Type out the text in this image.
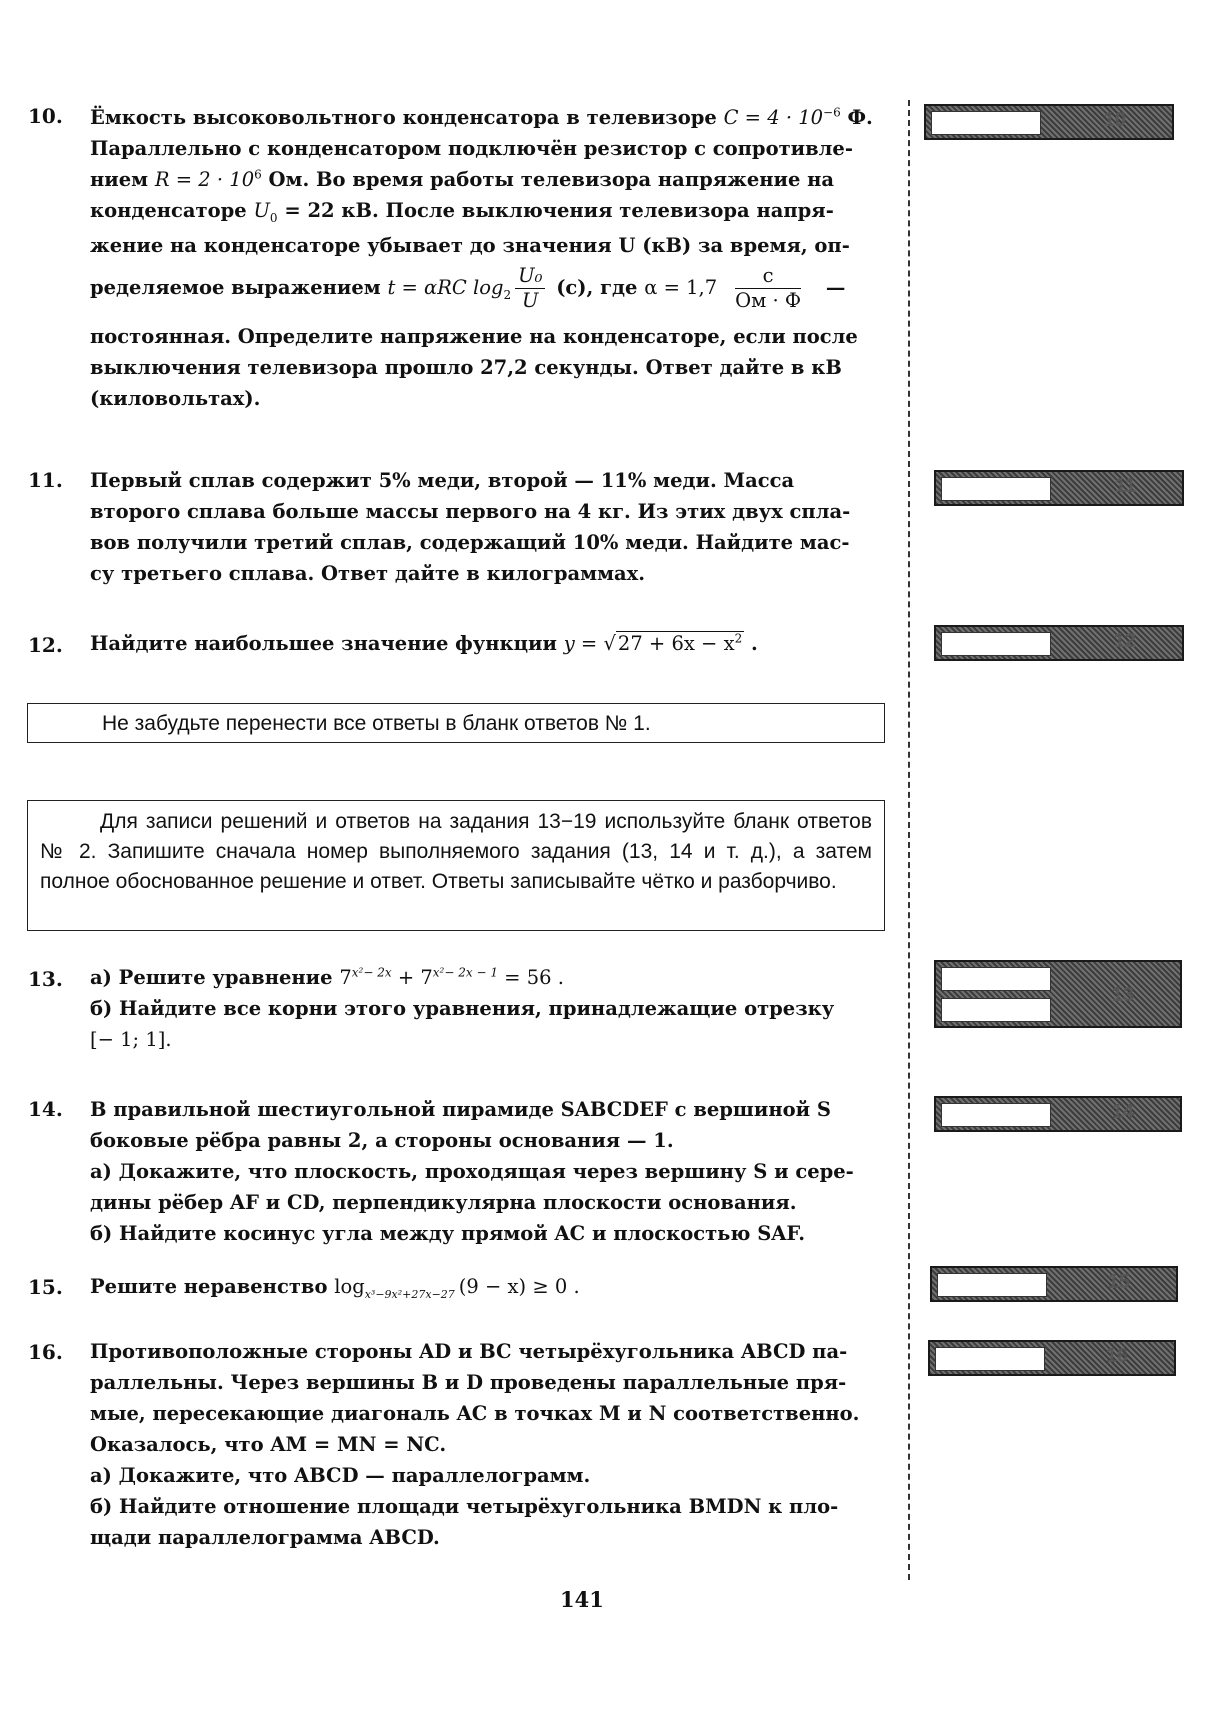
10. Ёмкость высоковольтного конденсатора в телевизоре $C = 4 \cdot 10^{-6}$ Ф.
Параллельно с конденсатором подключён резистор с сопротивле-
нием $R = 2 \cdot 10^6$ Ом. Во время работы телевизора напряжение на
конденсаторе $U_0 = 22$ кВ. После выключения телевизора напря-
жение на конденсаторе убывает до значения U (кВ) за время, оп-
ределяемое выражением t = αRC $\log_2 \frac{\text{U₀}}{U} (с)$, где $\alpha = 1,7 \frac{с}{Ом \cdot Ф}$ —
постоянная. Определите напряжение на конденсаторе, если после
выключения телевизора прошло 27,2 секунды. Ответ дайте в кВ
(киловольтах).
11. Первый сплав содержит 5% меди, второй — 11% меди. Масса
второго сплава больше массы первого на 4 кг. Из этих двух спла-
вов получили третий сплав, содержащий 10% меди. Найдите мас-
су третьего сплава. Ответ дайте в килограммах.
12. Найдите наибольшее значение функции y = √ $27 + 6x - x^2$ .
Не забудьте перенести все ответы в бланк ответов № 1.
Для записи решений и ответов на задания 13−19 используйте бланк ответов № 2. Запишите сначала номер выполняемого задания (13, 14 и т. д.), а затем полное обоснованное решение и ответ. Ответы записывайте чётко и разборчиво.
13. а) Решите уравнение $7^{x^2- 2x} + 7^{x^2- 2x - 1} = 56$ .
б) Найдите все корни этого уравнения, принадлежащие отрезку
[− 1; 1].
14. В правильной шестиугольной пирамиде SABCDEF с вершиной S
боковые рёбра равны 2, а стороны основания — 1.
а) Докажите, что плоскость, проходящая через вершину S и сере-
дины рёбер AF и CD, перпендикулярна плоскости основания.
б) Найдите косинус угла между прямой AC и плоскостью SAF.
15. Решите неравенство $\log_{x^3-9x^2+27x-27} (9 - x) \ge 0$ .
16. Противоположные стороны AD и BC четырёхугольника ABCD па-
раллельны. Через вершины B и D проведены параллельные пря-
мые, пересекающие диагональ AC в точках M и N соответственно.
Оказалось, что AM = MN = NC.
а) Докажите, что ABCD — параллелограмм.
б) Найдите отношение площади четырёхугольника BMDN к пло-
щади параллелограмма ABCD.
10
11
12
13
14
15
16
141
